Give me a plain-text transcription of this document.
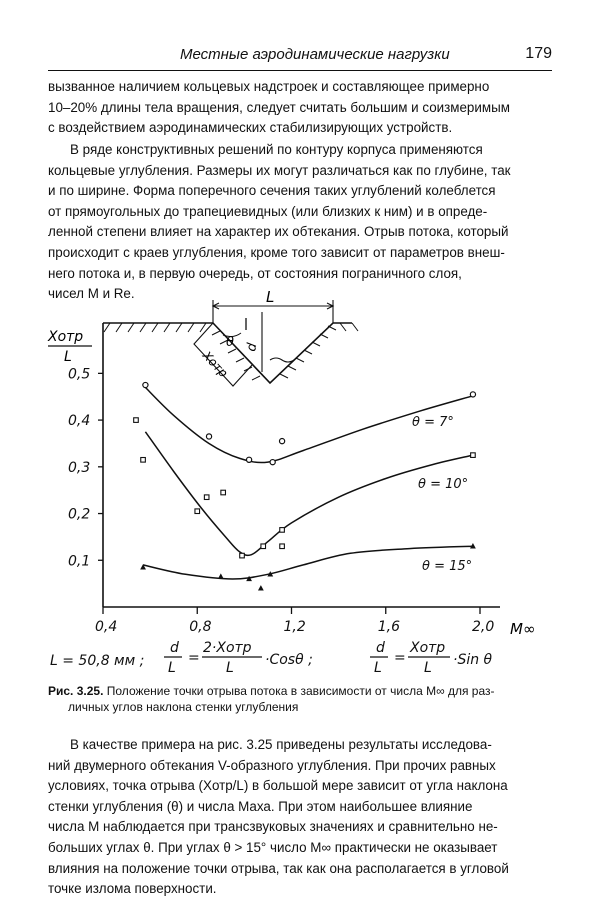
Местные аэродинамические нагрузки	179

вызванное наличием кольцевых надстроек и составляющее примерно
10–20% длины тела вращения, следует считать большим и соизмеримым
с воздействием аэродинамических стабилизирующих устройств.

В ряде конструктивных решений по контуру корпуса применяются
кольцевые углубления. Размеры их могут различаться как по глубине, так
и по ширине. Форма поперечного сечения таких углублений колеблется
от прямоугольных до трапециевидных (или близких к ним) и в опреде-
ленной степени влияет на характер их обтекания. Отрыв потока, который
происходит с краев углубления, кроме того зависит от параметров внеш-
него потока и, в первую очередь, от состояния пограничного слоя,
чисел M и Re.	L
θ d
Xотр
Xотр
L
M∞
0,4	0,8	1,2	1,6	2,0
0,1
0,2
0,3
0,4
0,5
θ = 7°
θ = 10°
θ = 15°
L = 50,8 мм ;
d
L
=
2·Xотр
L ·Cosθ ;
d
L
=
Xотр
L ·Sin θ

Рис. 3.25. Положение точки отрыва потока в зависимости от числа M∞ для раз-
личных углов наклона стенки углубления

В качестве примера на рис. 3.25 приведены результаты исследова-
ний двумерного обтекания V-образного углубления. При прочих равных
условиях, точка отрыва (Xотр/L) в большой мере зависит от угла наклона
стенки углубления (θ) и числа Маха. При этом наибольшее влияние
числа M наблюдается при трансзвуковых значениях и сравнительно не-
больших углах θ. При углах θ > 15° число M∞ практически не оказывает
влияния на положение точки отрыва, так как она располагается в угловой
точке излома поверхности.
